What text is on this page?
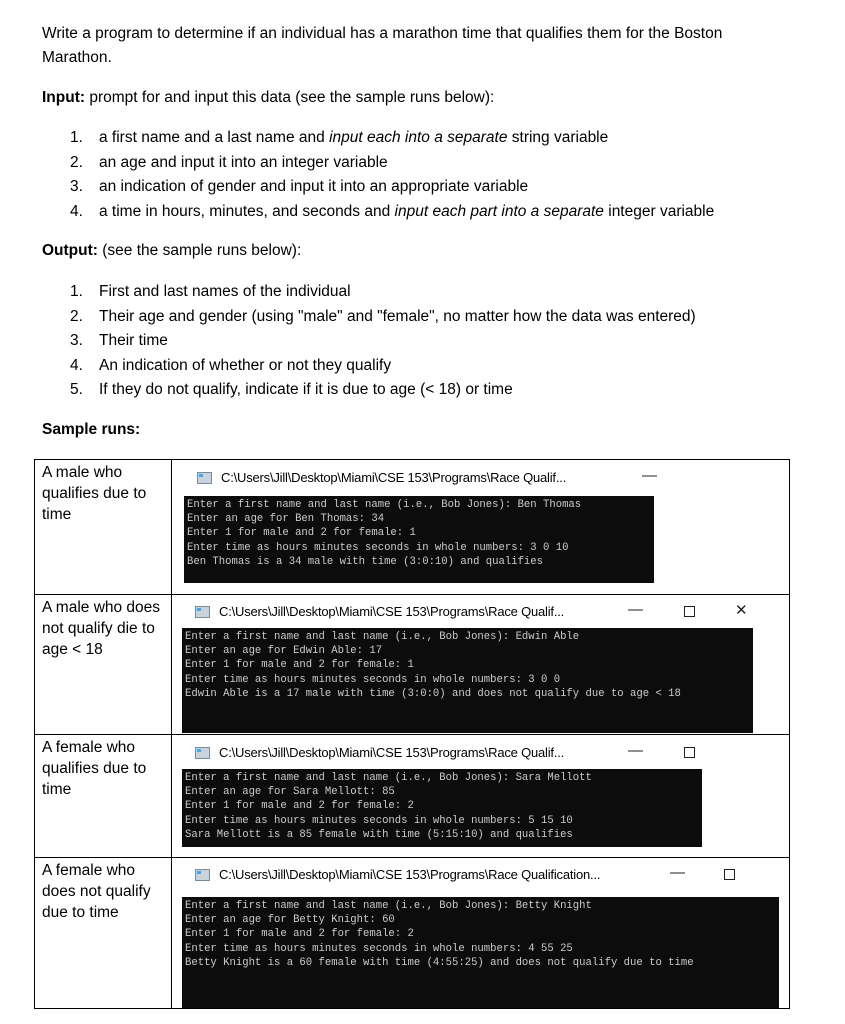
Write a program to determine if an individual has a marathon time that qualifies them for the Boston
Marathon.
Input: prompt for and input this data (see the sample runs below):
1. a first name and a last name and input each into a separate string variable
2. an age and input it into an integer variable
3. an indication of gender and input it into an appropriate variable
4. a time in hours, minutes, and seconds and input each part into a separate integer variable
Output: (see the sample runs below):
1. First and last names of the individual
2. Their age and gender (using "male" and "female", no matter how the data was entered)
3. Their time
4. An indication of whether or not they qualify
5. If they do not qualify, indicate if it is due to age (< 18) or time
Sample runs:
A male who qualifies due to time
C:\Users\Jill\Desktop\Miami\CSE 153\Programs\Race Qualif...	—
Enter a first name and last name (i.e., Bob Jones): Ben Thomas
Enter an age for Ben Thomas: 34
Enter 1 for male and 2 for female: 1
Enter time as hours minutes seconds in whole numbers: 3 0 10
Ben Thomas is a 34 male with time (3:0:10) and qualifies
A male who does not qualify die to age < 18
C:\Users\Jill\Desktop\Miami\CSE 153\Programs\Race Qualif...	—	✕
Enter a first name and last name (i.e., Bob Jones): Edwin Able
Enter an age for Edwin Able: 17
Enter 1 for male and 2 for female: 1
Enter time as hours minutes seconds in whole numbers: 3 0 0
Edwin Able is a 17 male with time (3:0:0) and does not qualify due to age < 18
A female who qualifies due to time
C:\Users\Jill\Desktop\Miami\CSE 153\Programs\Race Qualif...	—
Enter a first name and last name (i.e., Bob Jones): Sara Mellott
Enter an age for Sara Mellott: 85
Enter 1 for male and 2 for female: 2
Enter time as hours minutes seconds in whole numbers: 5 15 10
Sara Mellott is a 85 female with time (5:15:10) and qualifies
A female who does not qualify due to time
C:\Users\Jill\Desktop\Miami\CSE 153\Programs\Race Qualification...	—
Enter a first name and last name (i.e., Bob Jones): Betty Knight
Enter an age for Betty Knight: 60
Enter 1 for male and 2 for female: 2
Enter time as hours minutes seconds in whole numbers: 4 55 25
Betty Knight is a 60 female with time (4:55:25) and does not qualify due to time
